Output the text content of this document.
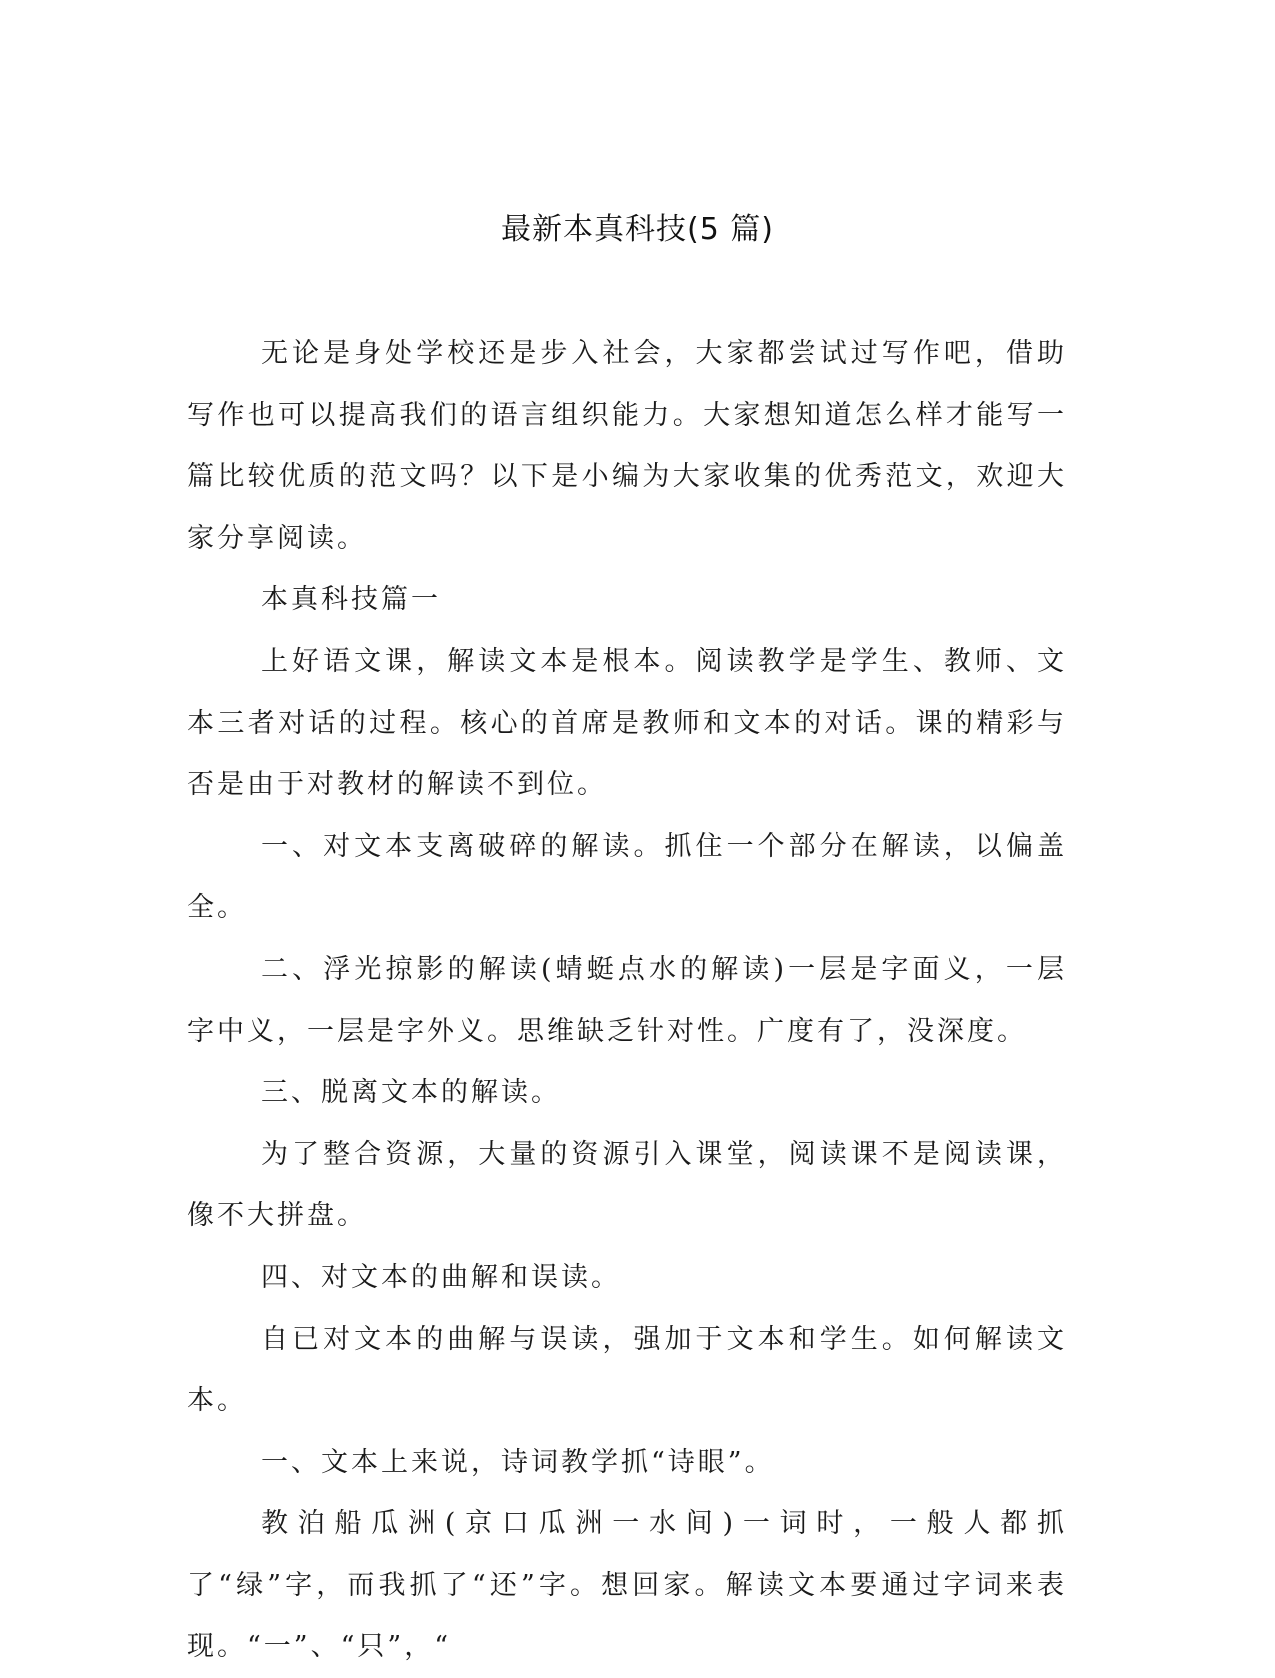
最新本真科技(5 篇)

无论是身处学校还是步入社会，大家都尝试过写作吧，借助写作也可以提高我们的语言组织能力。大家想知道怎么样才能写一篇比较优质的范文吗？以下是小编为大家收集的优秀范文，欢迎大家分享阅读。

本真科技篇一

上好语文课，解读文本是根本。阅读教学是学生、教师、文本三者对话的过程。核心的首席是教师和文本的对话。课的精彩与否是由于对教材的解读不到位。

一、对文本支离破碎的解读。抓住一个部分在解读，以偏盖全。

二、浮光掠影的解读(蜻蜓点水的解读)一层是字面义，一层字中义，一层是字外义。思维缺乏针对性。广度有了，没深度。

三、脱离文本的解读。

为了整合资源，大量的资源引入课堂，阅读课不是阅读课，像不大拼盘。

四、对文本的曲解和误读。

自已对文本的曲解与误读，强加于文本和学生。如何解读文本。

一、文本上来说，诗词教学抓“诗眼”。

教泊船瓜洲(京口瓜洲一水间)一词时，一般人都抓了“绿”字，而我抓了“还”字。想回家。解读文本要通过字词来表现。“一”、“只”，“
